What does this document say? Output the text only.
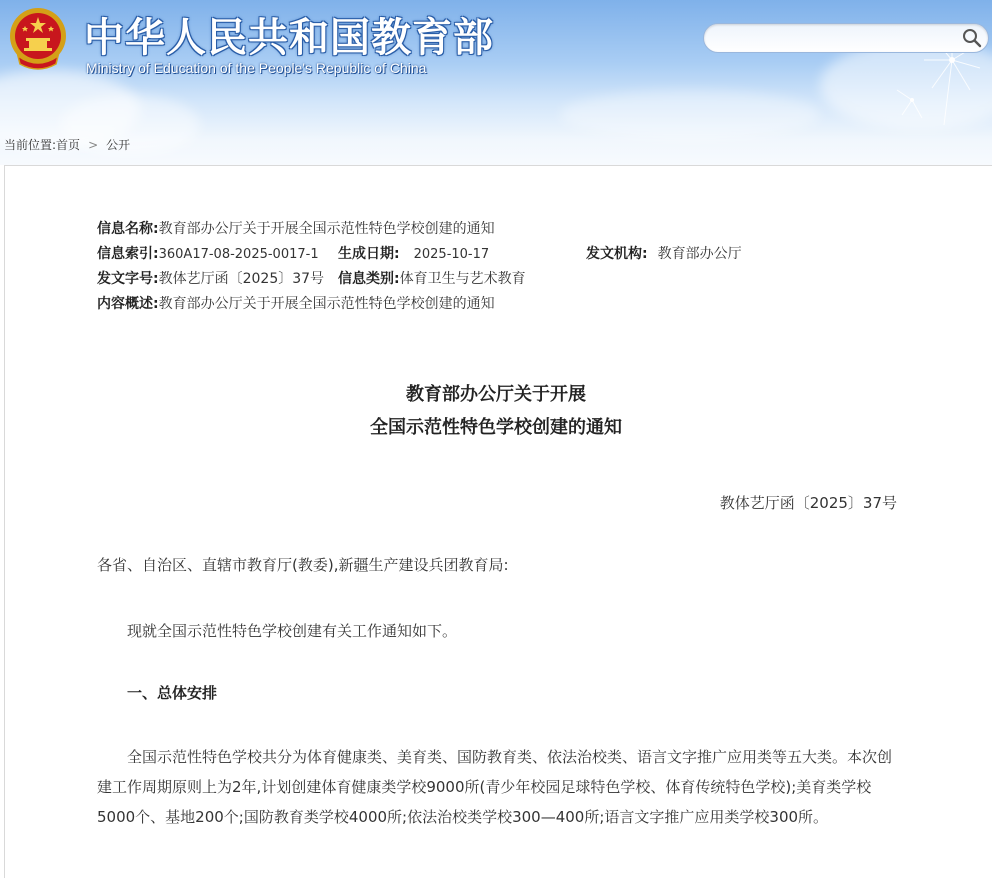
中华人民共和国教育部
Ministry of Education of the People's Republic of China
当前位置:首页 > 公开
信息名称:教育部办公厅关于开展全国示范性特色学校创建的通知
信息索引:360A17-08-2025-0017-1 生成日期: 2025-10-17	发文机构: 教育部办公厅
发文字号:教体艺厅函〔2025〕37号 信息类别:体育卫生与艺术教育
内容概述:教育部办公厅关于开展全国示范性特色学校创建的通知
教育部办公厅关于开展
全国示范性特色学校创建的通知
教体艺厅函〔2025〕37号
各省、自治区、直辖市教育厅(教委),新疆生产建设兵团教育局:
现就全国示范性特色学校创建有关工作通知如下。
一、总体安排
全国示范性特色学校共分为体育健康类、美育类、国防教育类、依法治校类、语言文字推广应用类等五大类。本次创建工作周期原则上为2年,计划创建体育健康类学校9000所(青少年校园足球特色学校、体育传统特色学校);美育类学校5000个、基地200个;国防教育类学校4000所;依法治校类学校300—400所;语言文字推广应用类学校300所。
